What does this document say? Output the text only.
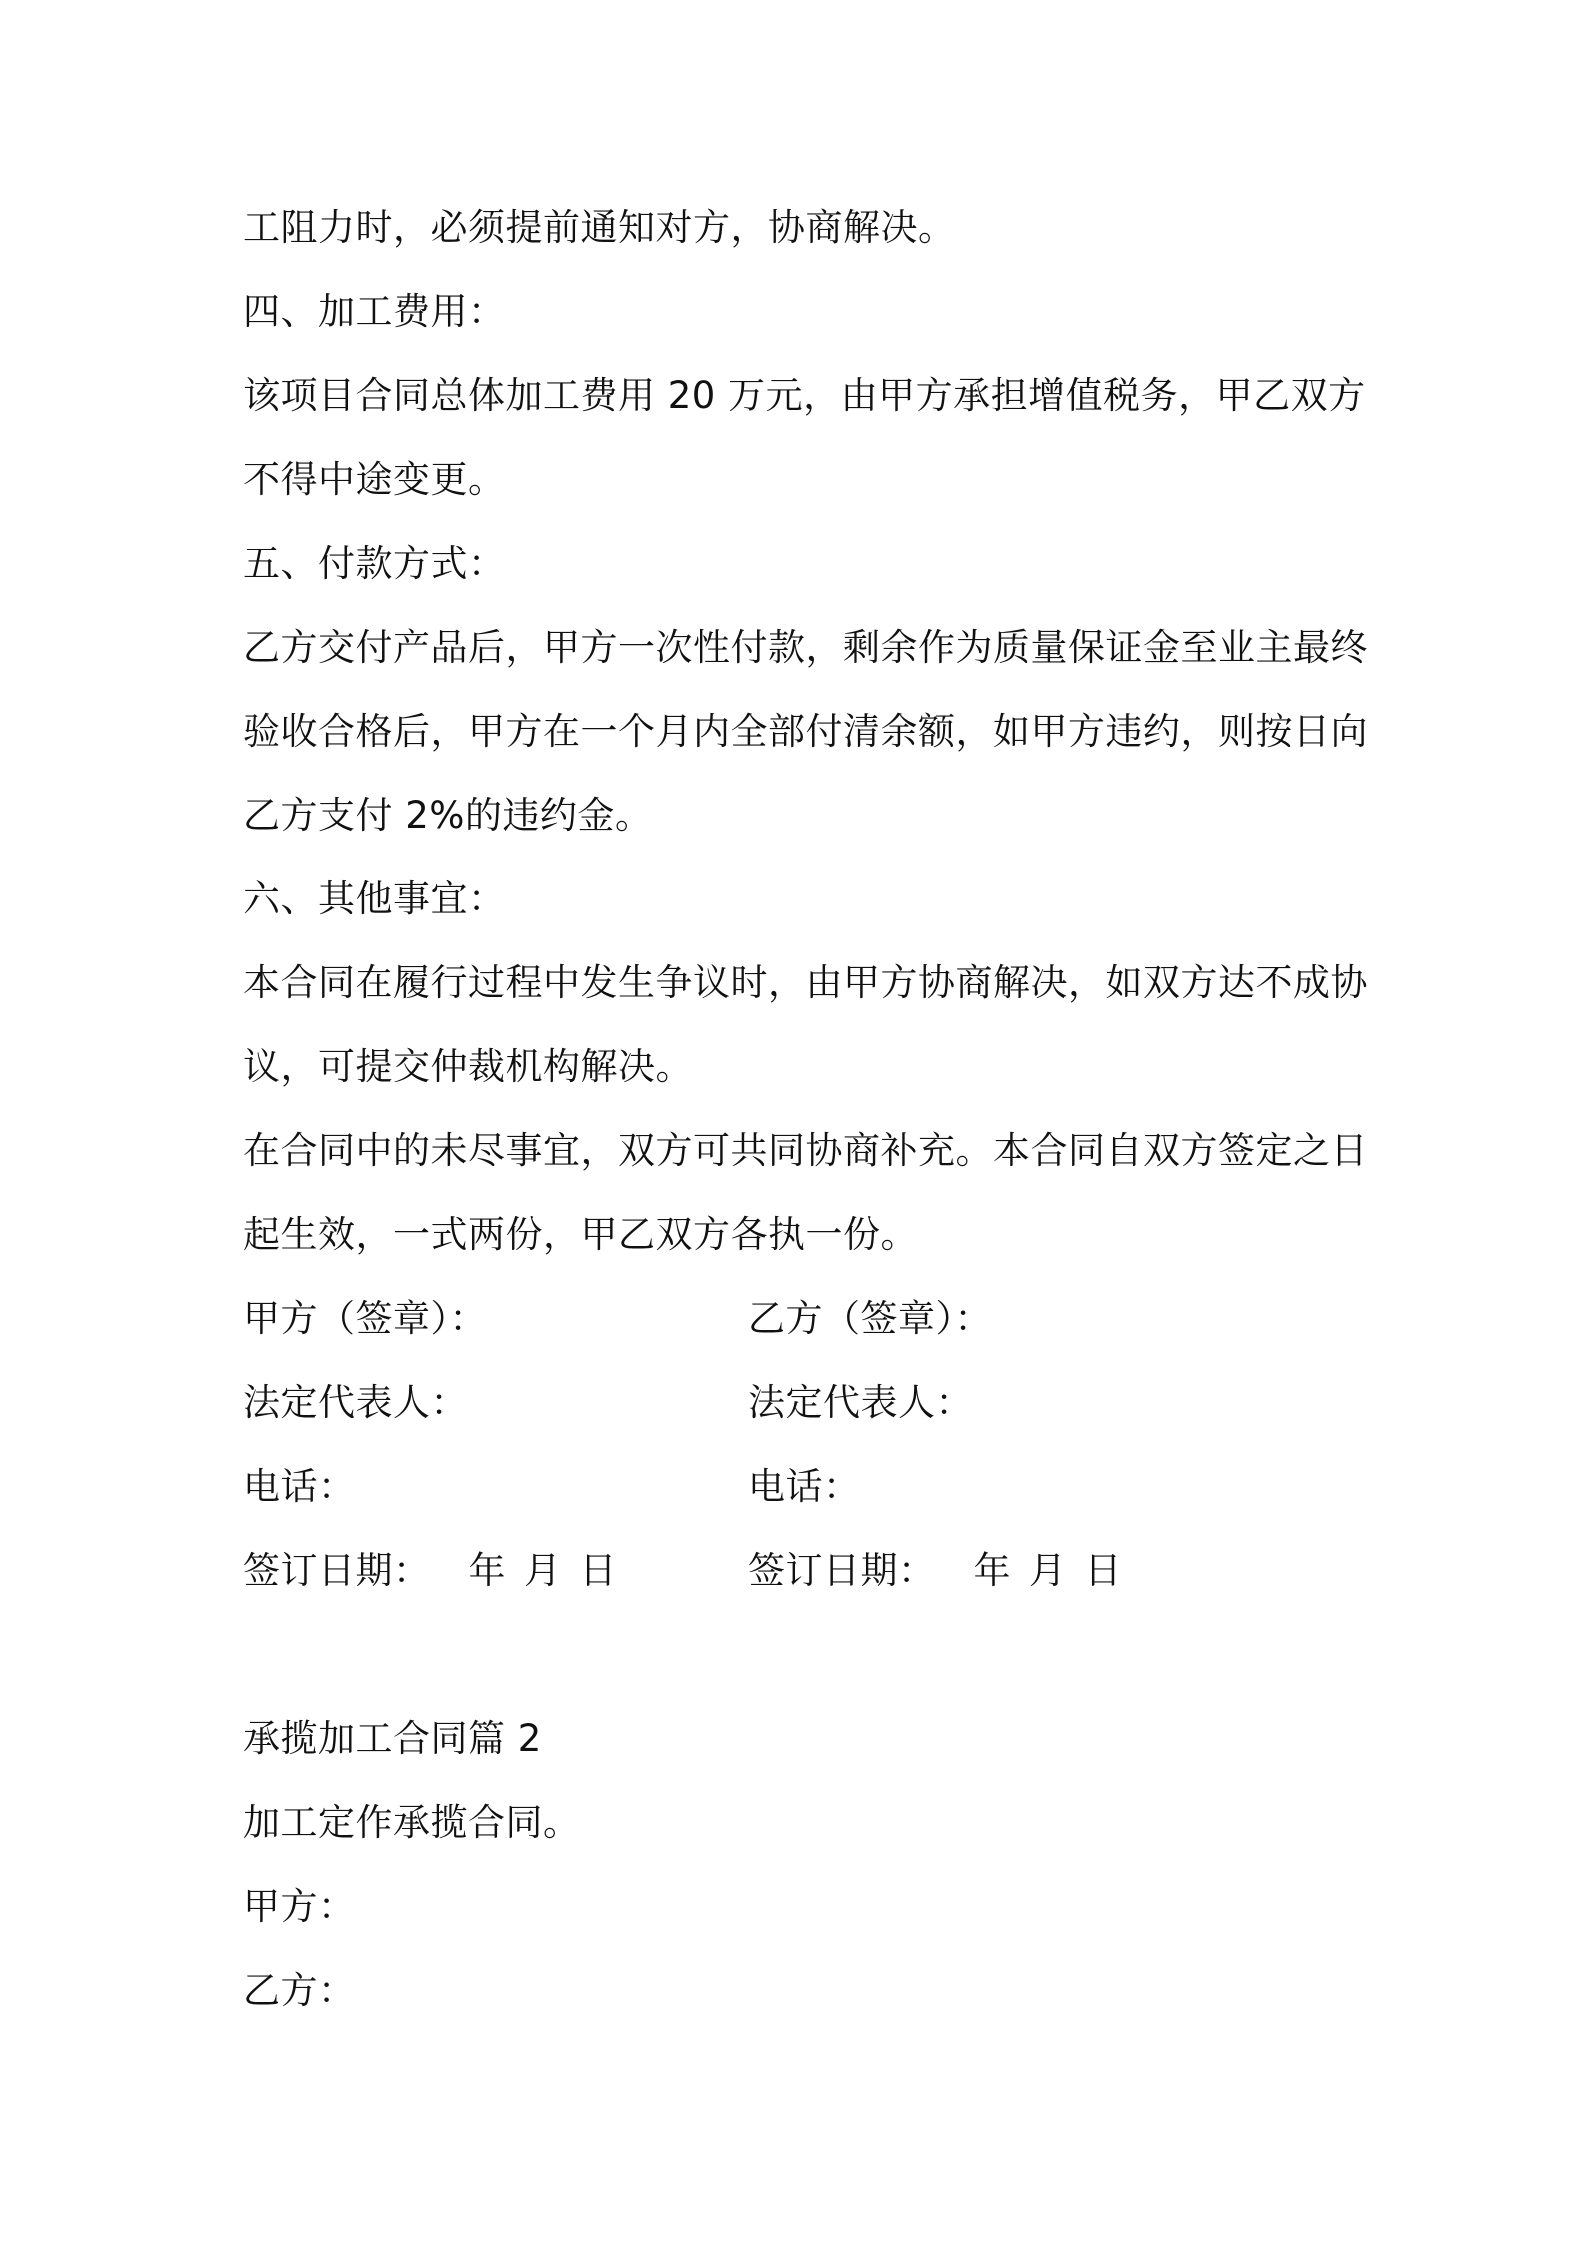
工阻力时，必须提前通知对方，协商解决。
四、加工费用：
该项目合同总体加工费用 20 万元，由甲方承担增值税务，甲乙双方
不得中途变更。
五、付款方式：
乙方交付产品后，甲方一次性付款，剩余作为质量保证金至业主最终
验收合格后，甲方在一个月内全部付清余额，如甲方违约，则按日向
乙方支付 2%的违约金。
六、其他事宜：
本合同在履行过程中发生争议时，由甲方协商解决，如双方达不成协
议，可提交仲裁机构解决。
在合同中的未尽事宜，双方可共同协商补充。本合同自双方签定之日
起生效，一式两份，甲乙双方各执一份。
甲方（签章）：
法定代表人：
电话：
签订日期： 年 月 日
乙方（签章）：
法定代表人：
电话：
签订日期： 年 月 日
承揽加工合同篇 2
加工定作承揽合同。
甲方：
乙方：
